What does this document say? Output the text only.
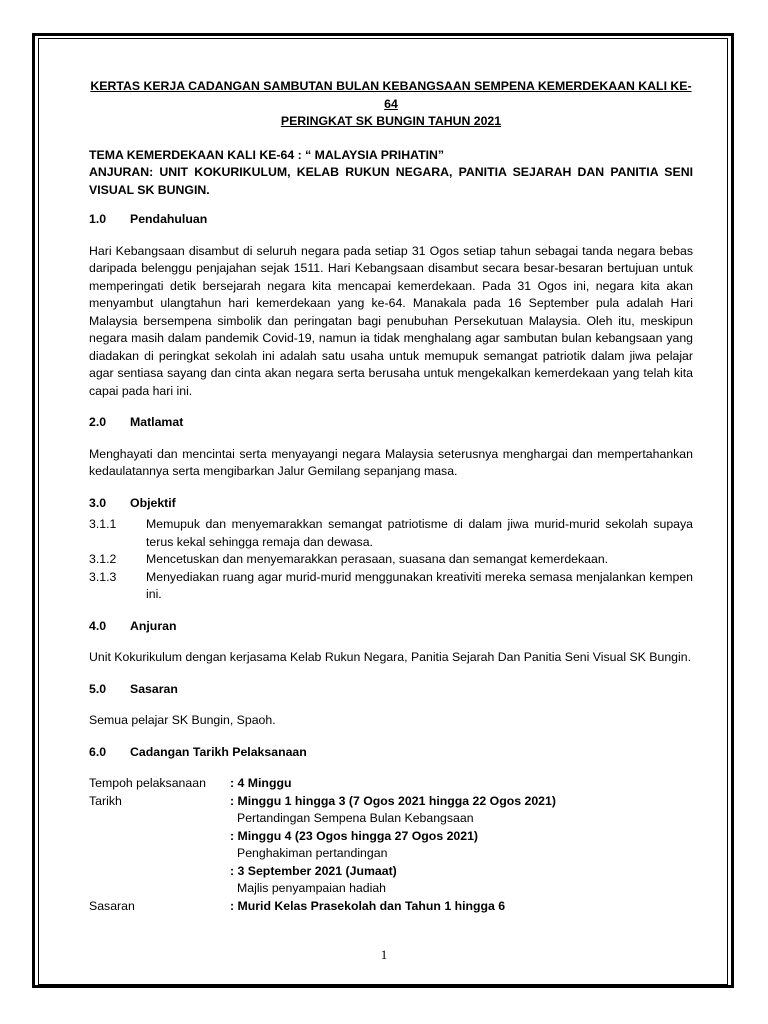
KERTAS KERJA CADANGAN SAMBUTAN BULAN KEBANGSAAN SEMPENA KEMERDEKAAN KALI KE-64
PERINGKAT SK BUNGIN TAHUN 2021
TEMA KEMERDEKAAN KALI KE-64 : “ MALAYSIA PRIHATIN”
ANJURAN: UNIT KOKURIKULUM, KELAB RUKUN NEGARA, PANITIA SEJARAH DAN PANITIA SENI VISUAL SK BUNGIN.
1.0	Pendahuluan
Hari Kebangsaan disambut di seluruh negara pada setiap 31 Ogos setiap tahun sebagai tanda negara bebas daripada belenggu penjajahan sejak 1511. Hari Kebangsaan disambut secara besar-besaran bertujuan untuk memperingati detik bersejarah negara kita mencapai kemerdekaan. Pada 31 Ogos ini, negara kita akan menyambut ulangtahun hari kemerdekaan yang ke-64. Manakala pada 16 September pula adalah Hari Malaysia bersempena simbolik dan peringatan bagi penubuhan Persekutuan Malaysia. Oleh itu, meskipun negara masih dalam pandemik Covid-19, namun ia tidak menghalang agar sambutan bulan kebangsaan yang diadakan di peringkat sekolah ini adalah satu usaha untuk memupuk semangat patriotik dalam jiwa pelajar agar sentiasa sayang dan cinta akan negara serta berusaha untuk mengekalkan kemerdekaan yang telah kita capai pada hari ini.
2.0	Matlamat
Menghayati dan mencintai serta menyayangi negara Malaysia seterusnya menghargai dan mempertahankan kedaulatannya serta mengibarkan Jalur Gemilang sepanjang masa.
3.0	Objektif
3.1.1	Memupuk dan menyemarakkan semangat patriotisme di dalam jiwa murid-murid sekolah supaya terus kekal sehingga remaja dan dewasa.
3.1.2	Mencetuskan dan menyemarakkan perasaan, suasana dan semangat kemerdekaan.
3.1.3	Menyediakan ruang agar murid-murid menggunakan kreativiti mereka semasa menjalankan kempen ini.
4.0	Anjuran
Unit Kokurikulum dengan kerjasama Kelab Rukun Negara, Panitia Sejarah Dan Panitia Seni Visual SK Bungin.
5.0	Sasaran
Semua pelajar SK Bungin, Spaoh.
6.0	Cadangan Tarikh Pelaksanaan
Tempoh pelaksanaan	: 4 Minggu
Tarikh	: Minggu 1 hingga 3 (7 Ogos 2021 hingga 22 Ogos 2021)
Pertandingan Sempena Bulan Kebangsaan
: Minggu 4 (23 Ogos hingga 27 Ogos 2021)
Penghakiman pertandingan
: 3 September 2021 (Jumaat)
Majlis penyampaian hadiah
Sasaran	: Murid Kelas Prasekolah dan Tahun 1 hingga 6
1
